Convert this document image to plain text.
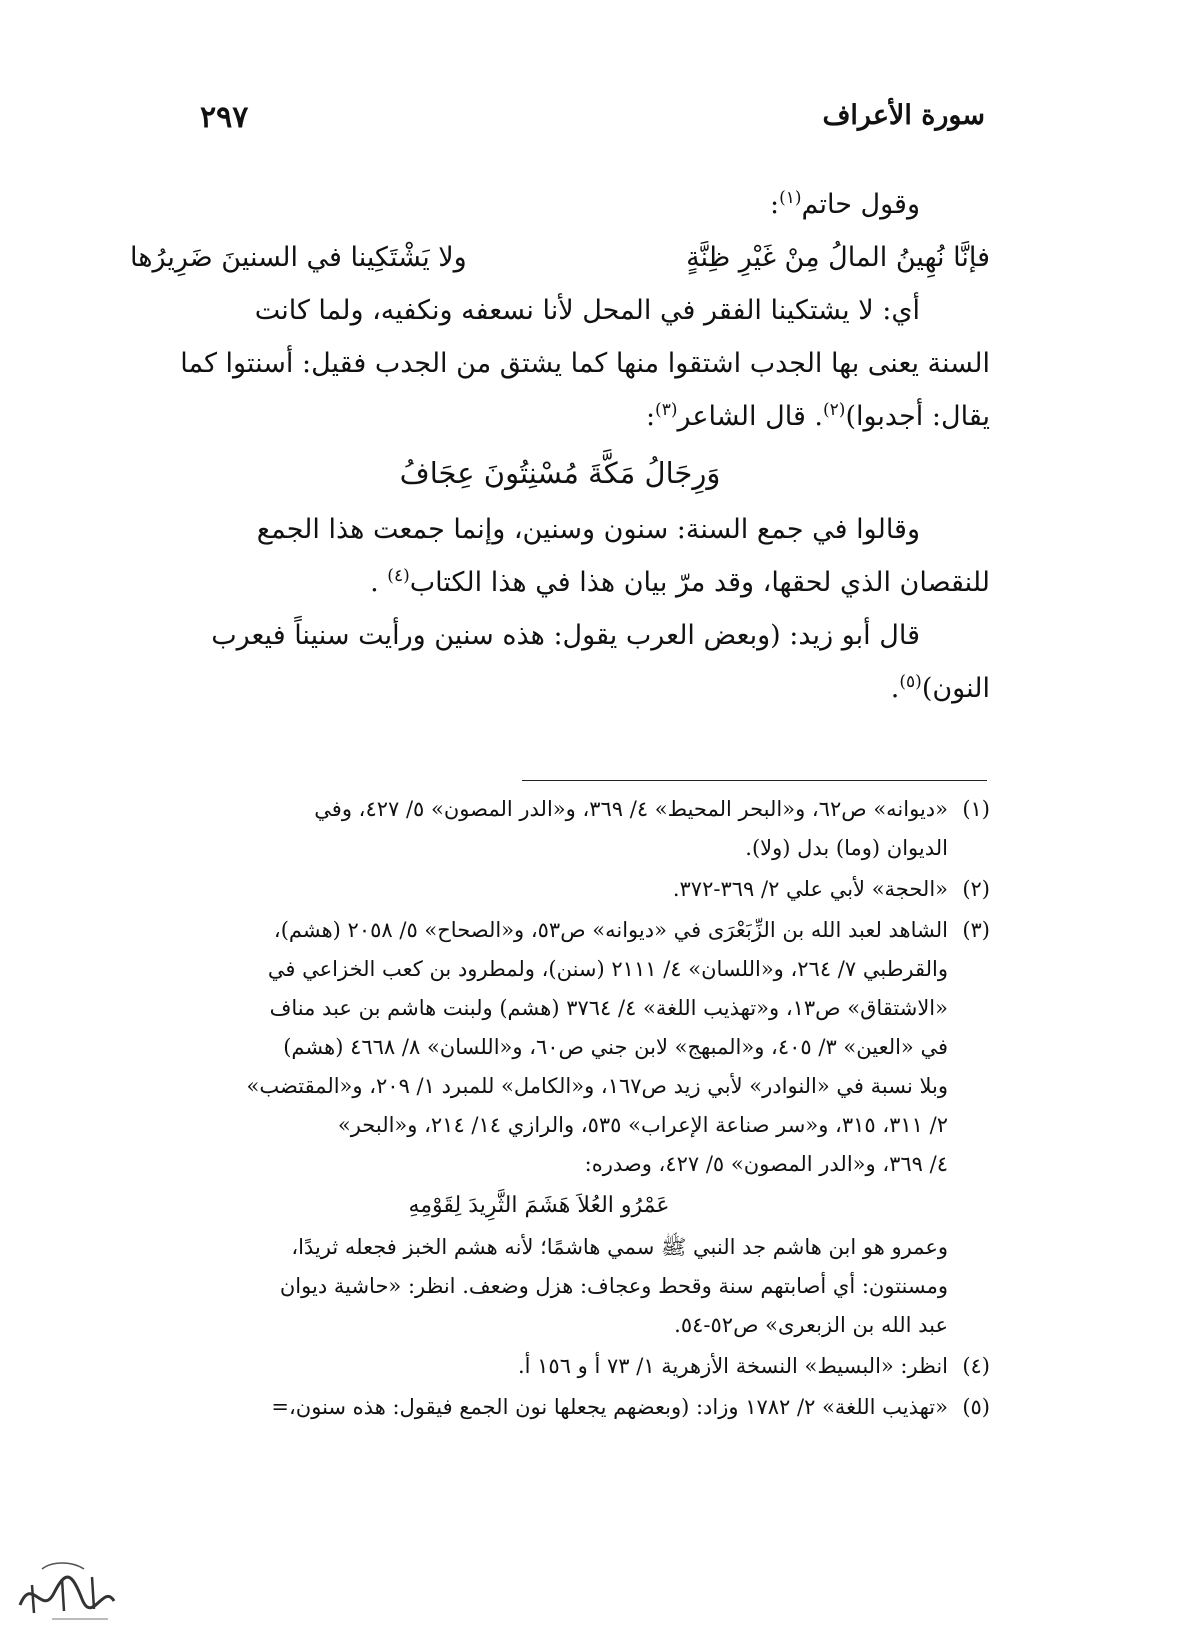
سورة الأعراف
٢٩٧
وقول حاتم$^{(١)}$:
فإنَّا نُهِينُ المالُ مِنْ غَيْرِ ظِنَّةٍ
ولا يَشْتَكِينا في السنينَ ضَرِيرُها
أي: لا يشتكينا الفقر في المحل لأنا نسعفه ونكفيه، ولما كانت
السنة يعنى بها الجدب اشتقوا منها كما يشتق من الجدب فقيل: أسنتوا كما
يقال: أجدبوا)$^{(٢)}$. قال الشاعر$^{(٣)}$:
وَرِجَالُ مَكَّةَ مُسْنِتُونَ عِجَافُ
وقالوا في جمع السنة: سنون وسنين، وإنما جمعت هذا الجمع
للنقصان الذي لحقها، وقد مرّ بيان هذا في هذا الكتاب$^{(٤)}$ .
قال أبو زيد: (وبعض العرب يقول: هذه سنين ورأيت سنيناً فيعرب
النون)$^{(٥)}$.
(١)
«ديوانه» ص٦٢، و«البحر المحيط» ٤/ ٣٦٩، و«الدر المصون» ٥/ ٤٢٧، وفي
الديوان (وما) بدل (ولا).
(٢)
«الحجة» لأبي علي ٢/ ٣٦٩-٣٧٢.
(٣)
الشاهد لعبد الله بن الزِّبَعْرَى في «ديوانه» ص٥٣، و«الصحاح» ٥/ ٢٠٥٨ (هشم)،
والقرطبي ٧/ ٢٦٤، و«اللسان» ٤/ ٢١١١ (سنن)، ولمطرود بن كعب الخزاعي في
«الاشتقاق» ص١٣، و«تهذيب اللغة» ٤/ ٣٧٦٤ (هشم) ولبنت هاشم بن عبد مناف
في «العين» ٣/ ٤٠٥، و«المبهج» لابن جني ص٦٠، و«اللسان» ٨/ ٤٦٦٨ (هشم)
وبلا نسبة في «النوادر» لأبي زيد ص١٦٧، و«الكامل» للمبرد ١/ ٢٠٩، و«المقتضب»
٢/ ٣١١، ٣١٥، و«سر صناعة الإعراب» ٥٣٥، والرازي ١٤/ ٢١٤، و«البحر»
٤/ ٣٦٩، و«الدر المصون» ٥/ ٤٢٧، وصدره:
عَمْرُو العُلاَ هَشَمَ الثَّرِيدَ لِقَوْمِهِ
وعمرو هو ابن هاشم جد النبي ﷺ سمي هاشمًا؛ لأنه هشم الخبز فجعله ثريدًا،
ومسنتون: أي أصابتهم سنة وقحط وعجاف: هزل وضعف. انظر: «حاشية ديوان
عبد الله بن الزبعرى» ص٥٢-٥٤.
(٤)
انظر: «البسيط» النسخة الأزهرية ١/ ٧٣ أ و ١٥٦ أ.
(٥)
«تهذيب اللغة» ٢/ ١٧٨٢ وزاد: (وبعضهم يجعلها نون الجمع فيقول: هذه سنون،=
